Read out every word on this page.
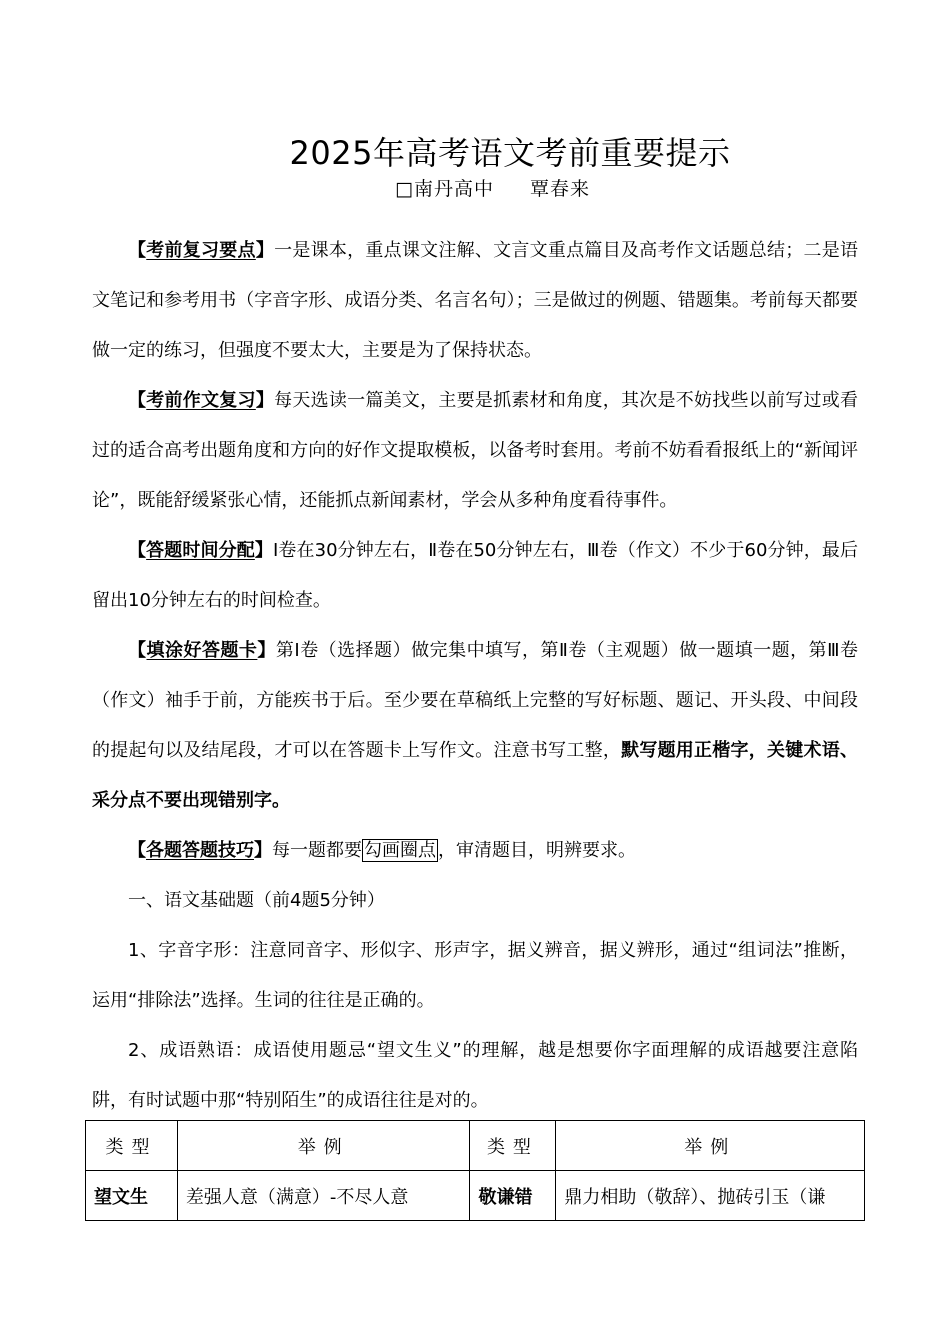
2025年高考语文考前重要提示
□南丹高中 覃春来

【考前复习要点】一是课本，重点课文注解、文言文重点篇目及高考作文话题总结；二是语文笔记和参考用书（字音字形、成语分类、名言名句）；三是做过的例题、错题集。考前每天都要做一定的练习，但强度不要太大，主要是为了保持状态。

【考前作文复习】每天选读一篇美文，主要是抓素材和角度，其次是不妨找些以前写过或看过的适合高考出题角度和方向的好作文提取模板，以备考时套用。考前不妨看看报纸上的“新闻评论”，既能舒缓紧张心情，还能抓点新闻素材，学会从多种角度看待事件。

【答题时间分配】Ⅰ卷在30分钟左右，Ⅱ卷在50分钟左右，Ⅲ卷（作文）不少于60分钟，最后留出10分钟左右的时间检查。

【填涂好答题卡】第Ⅰ卷（选择题）做完集中填写，第Ⅱ卷（主观题）做一题填一题，第Ⅲ卷（作文）袖手于前，方能疾书于后。至少要在草稿纸上完整的写好标题、题记、开头段、中间段的提起句以及结尾段，才可以在答题卡上写作文。注意书写工整，默写题用正楷字，关键术语、采分点不要出现错别字。

【各题答题技巧】每一题都要 勾画圈点 ，审清题目，明辨要求。

一、语文基础题（前4题5分钟）

1、字音字形：注意同音字、形似字、形声字，据义辨音，据义辨形，通过“组词法”推断，运用“排除法”选择。生词的往往是正确的。

2、成语熟语：成语使用题忌“望文生义”的理解，越是想要你字面理解的成语越要注意陷阱，有时试题中那“特别陌生”的成语往往是对的。

类型	举例	类型	举例
望文生	差强人意（满意）-不尽人意	敬谦错	鼎力相助（敬辞）、抛砖引玉（谦
